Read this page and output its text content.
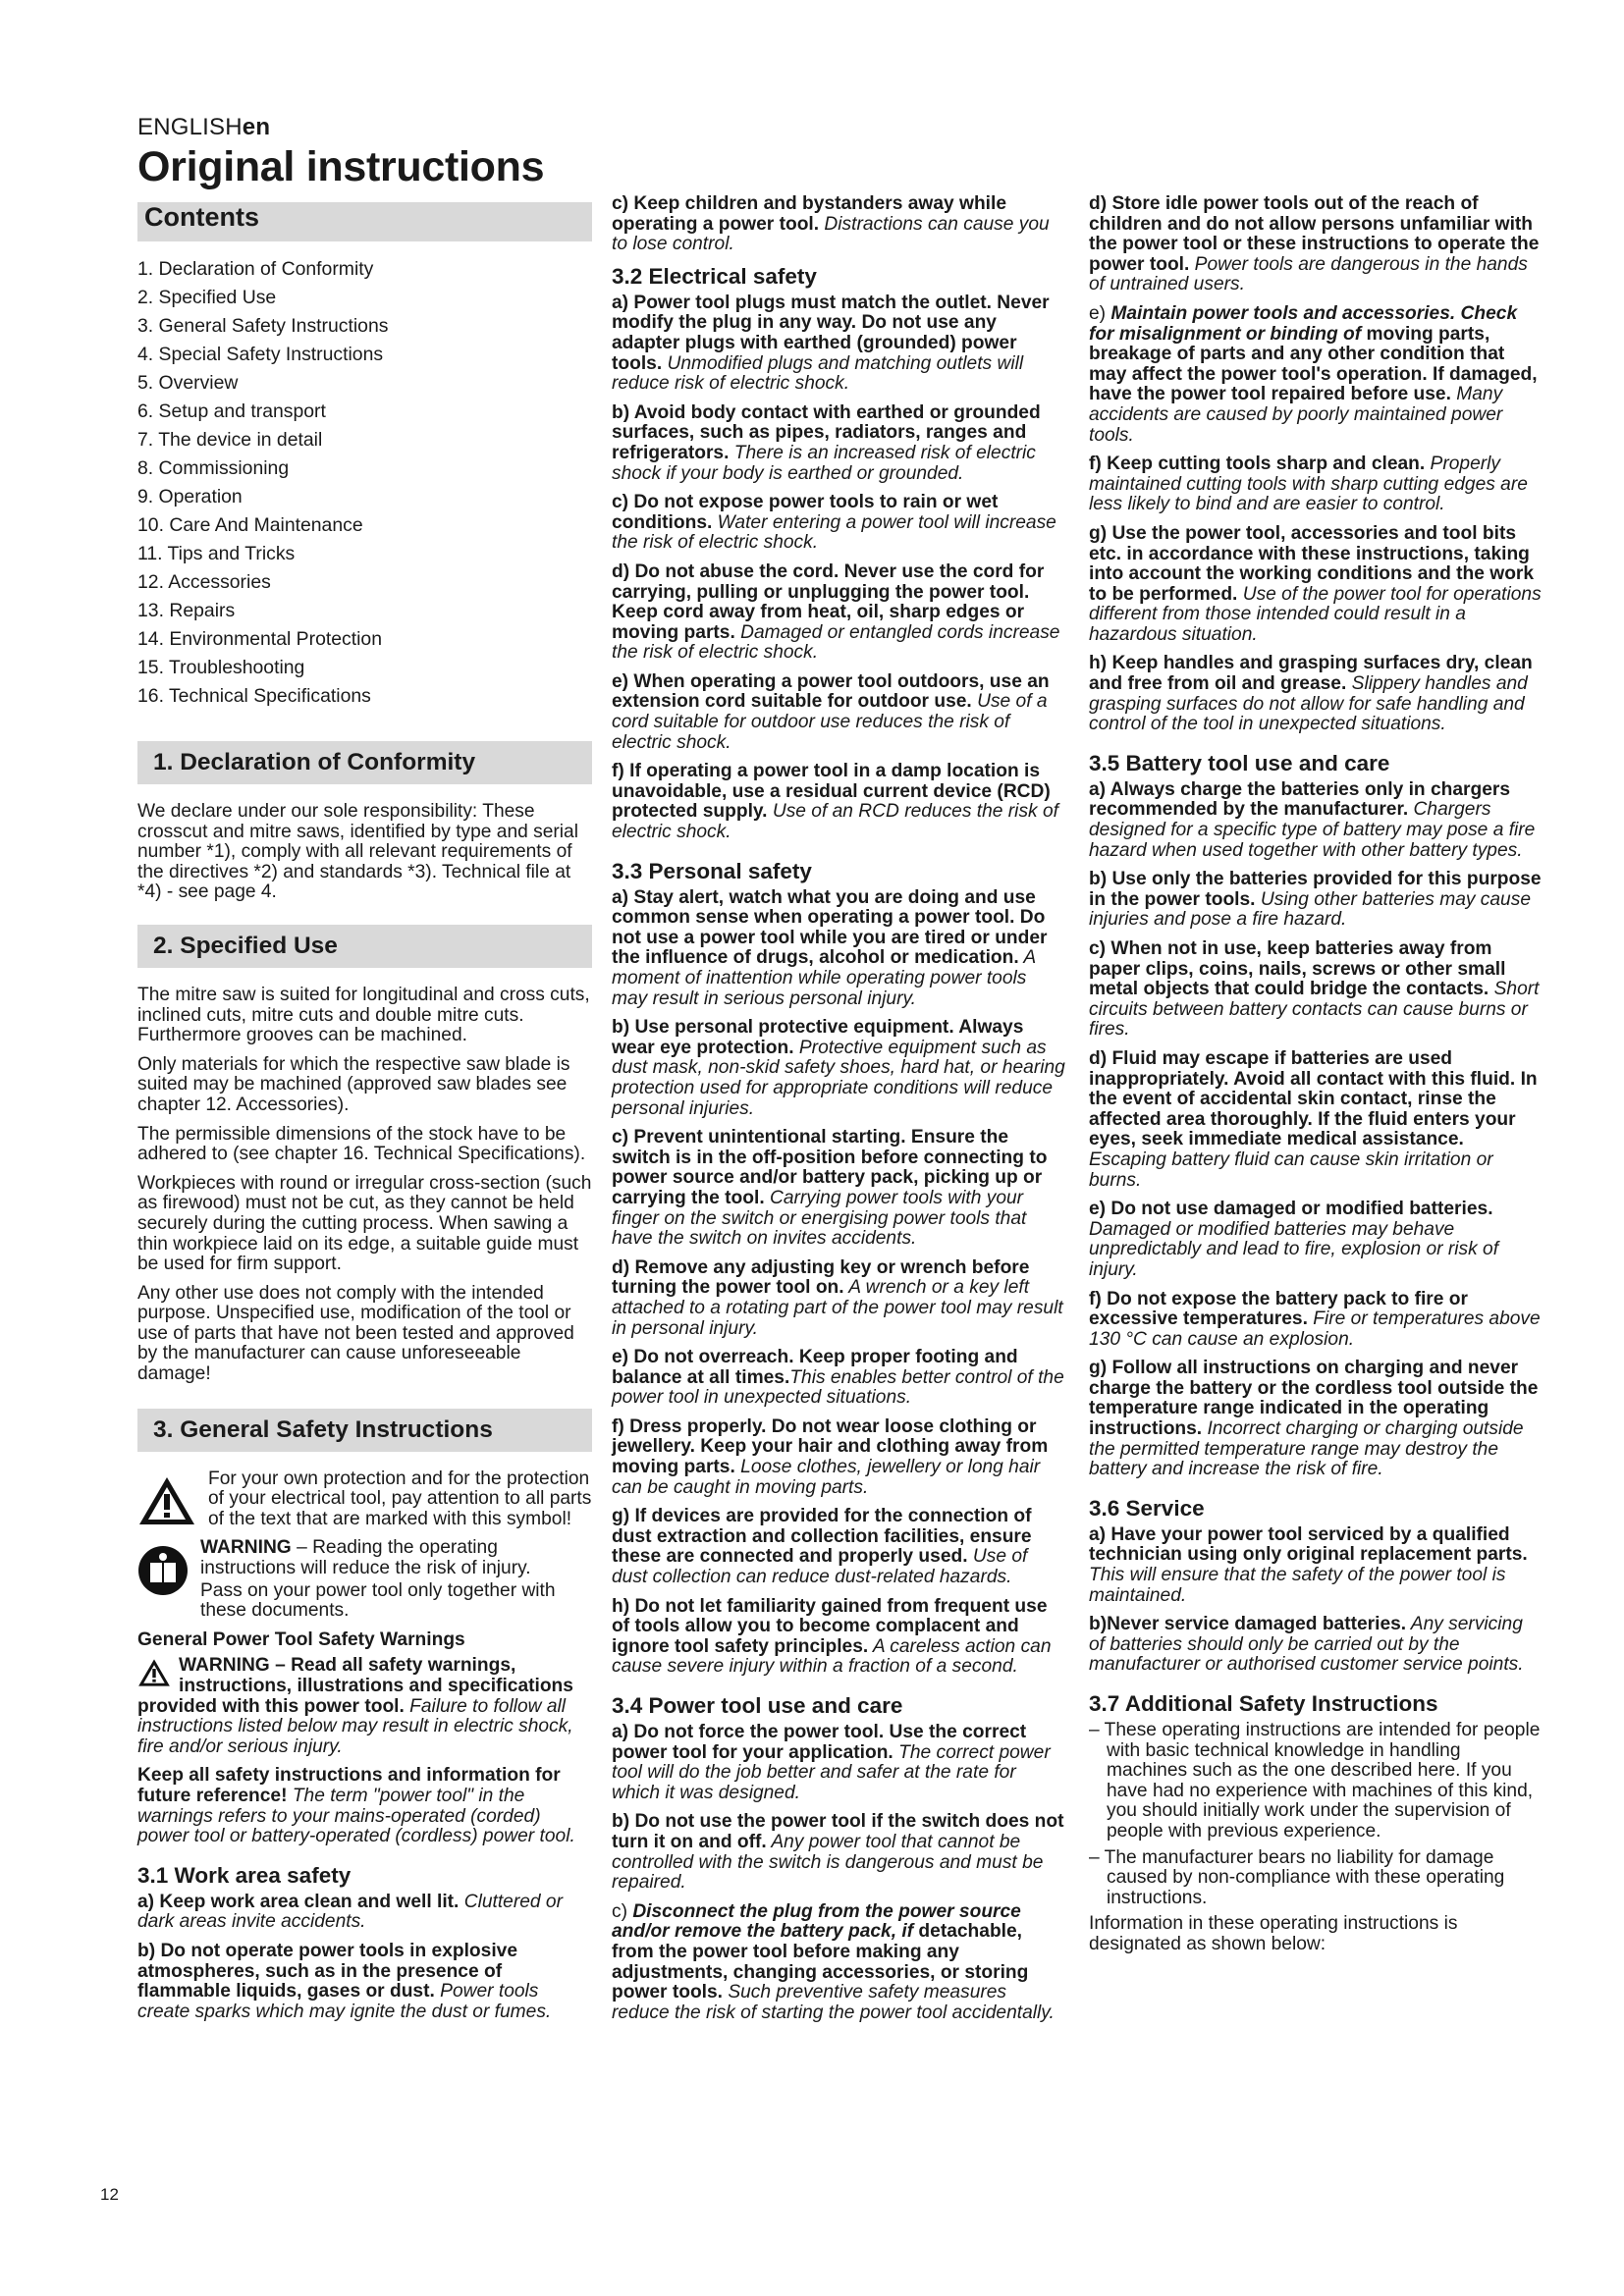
ENGLISHen
Original instructions
Contents
1. Declaration of Conformity
2. Specified Use
3. General Safety Instructions
4. Special Safety Instructions
5. Overview
6. Setup and transport
7. The device in detail
8. Commissioning
9. Operation
10. Care And Maintenance
11. Tips and Tricks
12. Accessories
13. Repairs
14. Environmental Protection
15. Troubleshooting
16. Technical Specifications
1. Declaration of Conformity

We declare under our sole responsibility: These crosscut and mitre saws, identified by type and serial number *1), comply with all relevant requirements of the directives *2) and standards *3). Technical file at *4) - see page 4.

2. Specified Use

The mitre saw is suited for longitudinal and cross cuts, inclined cuts, mitre cuts and double mitre cuts. Furthermore grooves can be machined.

Only materials for which the respective saw blade is suited may be machined (approved saw blades see chapter 12. Accessories).

The permissible dimensions of the stock have to be adhered to (see chapter 16. Technical Specifications).

Workpieces with round or irregular cross-section (such as firewood) must not be cut, as they cannot be held securely during the cutting process. When sawing a thin workpiece laid on its edge, a suitable guide must be used for firm support.

Any other use does not comply with the intended purpose. Unspecified use, modification of the tool or use of parts that have not been tested and approved by the manufacturer can cause unforeseeable damage!

3. General Safety Instructions

For your own protection and for the protection of your electrical tool, pay attention to all parts of the text that are marked with this symbol!

WARNING – Reading the operating instructions will reduce the risk of injury.

Pass on your power tool only together with these documents.

General Power Tool Safety Warnings

WARNING – Read all safety warnings, instructions, illustrations and specifications provided with this power tool. Failure to follow all instructions listed below may result in electric shock, fire and/or serious injury.

Keep all safety instructions and information for future reference! The term "power tool" in the warnings refers to your mains-operated (corded) power tool or battery-operated (cordless) power tool.

3.1 Work area safety

a) Keep work area clean and well lit. Cluttered or dark areas invite accidents.

b) Do not operate power tools in explosive atmospheres, such as in the presence of flammable liquids, gases or dust. Power tools create sparks which may ignite the dust or fumes.

c) Keep children and bystanders away while operating a power tool. Distractions can cause you to lose control.

3.2 Electrical safety

a) Power tool plugs must match the outlet. Never modify the plug in any way. Do not use any adapter plugs with earthed (grounded) power tools. Unmodified plugs and matching outlets will reduce risk of electric shock.

b) Avoid body contact with earthed or grounded surfaces, such as pipes, radiators, ranges and refrigerators. There is an increased risk of electric shock if your body is earthed or grounded.

c) Do not expose power tools to rain or wet conditions. Water entering a power tool will increase the risk of electric shock.

d) Do not abuse the cord. Never use the cord for carrying, pulling or unplugging the power tool. Keep cord away from heat, oil, sharp edges or moving parts. Damaged or entangled cords increase the risk of electric shock.

e) When operating a power tool outdoors, use an extension cord suitable for outdoor use. Use of a cord suitable for outdoor use reduces the risk of electric shock.

f) If operating a power tool in a damp location is unavoidable, use a residual current device (RCD) protected supply. Use of an RCD reduces the risk of electric shock.

3.3 Personal safety

a) Stay alert, watch what you are doing and use common sense when operating a power tool. Do not use a power tool while you are tired or under the influence of drugs, alcohol or medication. A moment of inattention while operating power tools may result in serious personal injury.

b) Use personal protective equipment. Always wear eye protection. Protective equipment such as dust mask, non-skid safety shoes, hard hat, or hearing protection used for appropriate conditions will reduce personal injuries.

c) Prevent unintentional starting. Ensure the switch is in the off-position before connecting to power source and/or battery pack, picking up or carrying the tool. Carrying power tools with your finger on the switch or energising power tools that have the switch on invites accidents.

d) Remove any adjusting key or wrench before turning the power tool on. A wrench or a key left attached to a rotating part of the power tool may result in personal injury.

e) Do not overreach. Keep proper footing and balance at all times.This enables better control of the power tool in unexpected situations.

f) Dress properly. Do not wear loose clothing or jewellery. Keep your hair and clothing away from moving parts. Loose clothes, jewellery or long hair can be caught in moving parts.

g) If devices are provided for the connection of dust extraction and collection facilities, ensure these are connected and properly used. Use of dust collection can reduce dust-related hazards.

h) Do not let familiarity gained from frequent use of tools allow you to become complacent and ignore tool safety principles. A careless action can cause severe injury within a fraction of a second.

3.4 Power tool use and care

a) Do not force the power tool. Use the correct power tool for your application. The correct power tool will do the job better and safer at the rate for which it was designed.

b) Do not use the power tool if the switch does not turn it on and off. Any power tool that cannot be controlled with the switch is dangerous and must be repaired.

c) Disconnect the plug from the power source and/or remove the battery pack, if detachable, from the power tool before making any adjustments, changing accessories, or storing power tools. Such preventive safety measures reduce the risk of starting the power tool accidentally.

d) Store idle power tools out of the reach of children and do not allow persons unfamiliar with the power tool or these instructions to operate the power tool. Power tools are dangerous in the hands of untrained users.

e) Maintain power tools and accessories. Check for misalignment or binding of moving parts, breakage of parts and any other condition that may affect the power tool's operation. If damaged, have the power tool repaired before use. Many accidents are caused by poorly maintained power tools.

f) Keep cutting tools sharp and clean. Properly maintained cutting tools with sharp cutting edges are less likely to bind and are easier to control.

g) Use the power tool, accessories and tool bits etc. in accordance with these instructions, taking into account the working conditions and the work to be performed. Use of the power tool for operations different from those intended could result in a hazardous situation.

h) Keep handles and grasping surfaces dry, clean and free from oil and grease. Slippery handles and grasping surfaces do not allow for safe handling and control of the tool in unexpected situations.

3.5 Battery tool use and care

a) Always charge the batteries only in chargers recommended by the manufacturer. Chargers designed for a specific type of battery may pose a fire hazard when used together with other battery types.

b) Use only the batteries provided for this purpose in the power tools. Using other batteries may cause injuries and pose a fire hazard.

c) When not in use, keep batteries away from paper clips, coins, nails, screws or other small metal objects that could bridge the contacts. Short circuits between battery contacts can cause burns or fires.

d) Fluid may escape if batteries are used inappropriately. Avoid all contact with this fluid. In the event of accidental skin contact, rinse the affected area thoroughly. If the fluid enters your eyes, seek immediate medical assistance. Escaping battery fluid can cause skin irritation or burns.

e) Do not use damaged or modified batteries. Damaged or modified batteries may behave unpredictably and lead to fire, explosion or risk of injury.

f) Do not expose the battery pack to fire or excessive temperatures. Fire or temperatures above 130 °C can cause an explosion.

g) Follow all instructions on charging and never charge the battery or the cordless tool outside the temperature range indicated in the operating instructions. Incorrect charging or charging outside the permitted temperature range may destroy the battery and increase the risk of fire.

3.6 Service

a) Have your power tool serviced by a qualified technician using only original replacement parts. This will ensure that the safety of the power tool is maintained.

b)Never service damaged batteries. Any servicing of batteries should only be carried out by the manufacturer or authorised customer service points.

3.7 Additional Safety Instructions

– These operating instructions are intended for people with basic technical knowledge in handling machines such as the one described here. If you have had no experience with machines of this kind, you should initially work under the supervision of people with previous experience.

– The manufacturer bears no liability for damage caused by non-compliance with these operating instructions.

Information in these operating instructions is designated as shown below:

12
